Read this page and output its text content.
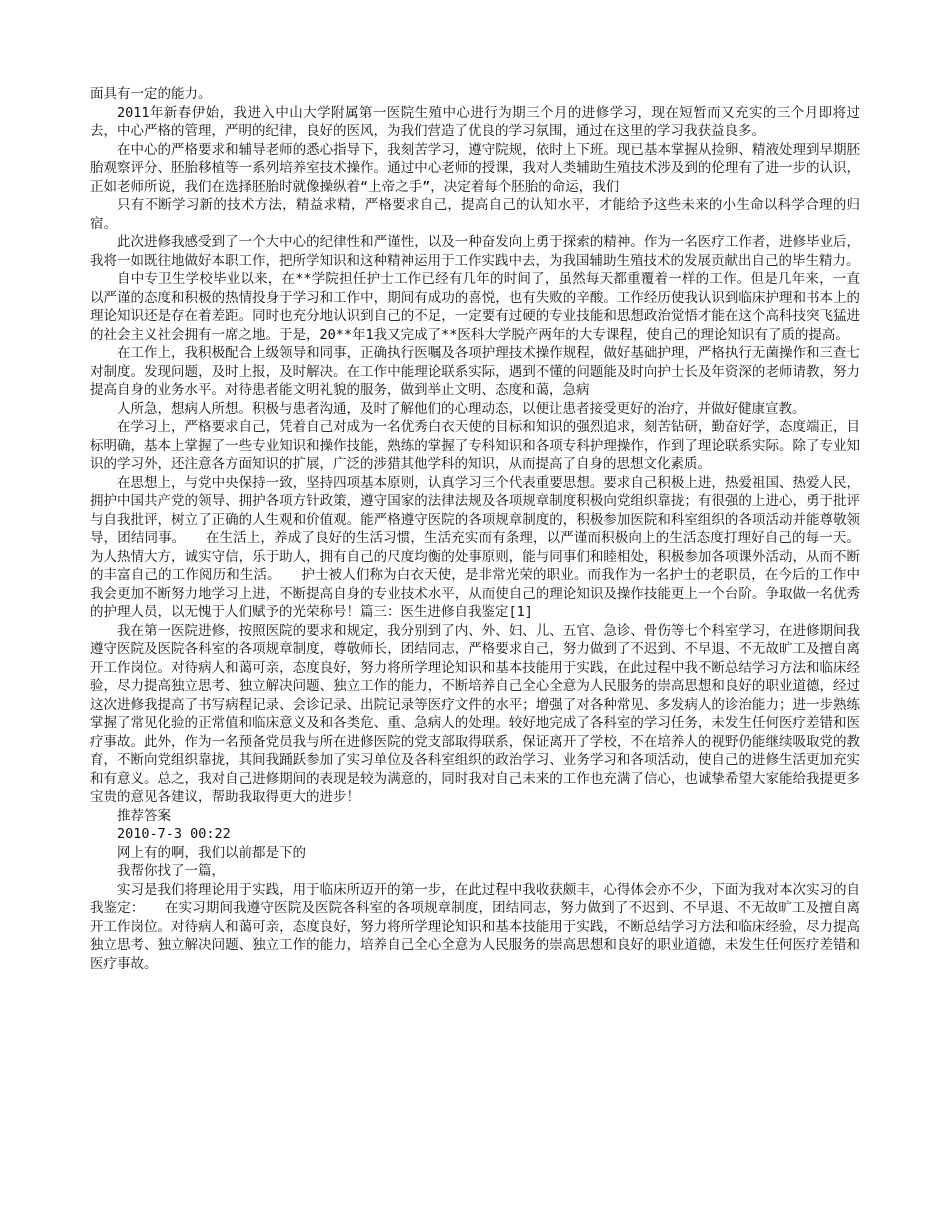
面具有一定的能力。

2011年新春伊始，我进入中山大学附属第一医院生殖中心进行为期三个月的进修学习，现在短暂而又充实的三个月即将过去，中心严格的管理，严明的纪律，良好的医风，为我们营造了优良的学习氛围，通过在这里的学习我获益良多。

在中心的严格要求和辅导老师的悉心指导下，我刻苦学习，遵守院规，依时上下班。现已基本掌握从捡卵、精液处理到早期胚胎观察评分、胚胎移植等一系列培养室技术操作。通过中心老师的授课，我对人类辅助生殖技术涉及到的伦理有了进一步的认识，正如老师所说，我们在选择胚胎时就像操纵着“上帝之手”，决定着每个胚胎的命运，我们

只有不断学习新的技术方法，精益求精，严格要求自己，提高自己的认知水平，才能给予这些未来的小生命以科学合理的归宿。

此次进修我感受到了一个大中心的纪律性和严谨性，以及一种奋发向上勇于探索的精神。作为一名医疗工作者，进修毕业后，我将一如既往地做好本职工作，把所学知识和这种精神运用于工作实践中去，为我国辅助生殖技术的发展贡献出自己的毕生精力。

自中专卫生学校毕业以来，在**学院担任护士工作已经有几年的时间了，虽然每天都重覆着一样的工作。但是几年来，一直以严谨的态度和积极的热情投身于学习和工作中，期间有成功的喜悦，也有失败的辛酸。工作经历使我认识到临床护理和书本上的理论知识还是存在着差距。同时也充分地认识到自己的不足，一定要有过硬的专业技能和思想政治觉悟才能在这个高科技突飞猛进的社会主义社会拥有一席之地。于是，20**年1我又完成了**医科大学脱产两年的大专课程，使自己的理论知识有了质的提高。

在工作上，我积极配合上级领导和同事，正确执行医嘱及各项护理技术操作规程，做好基础护理，严格执行无菌操作和三查七对制度。发现问题，及时上报，及时解决。在工作中能理论联系实际，遇到不懂的问题能及时向护士长及年资深的老师请教，努力提高自身的业务水平。对待患者能文明礼貌的服务，做到举止文明、态度和蔼，急病

人所急，想病人所想。积极与患者沟通，及时了解他们的心理动态，以便让患者接受更好的治疗，并做好健康宣教。

在学习上，严格要求自己，凭着自己对成为一名优秀白衣天使的目标和知识的强烈追求，刻苦钻研，勤奋好学，态度端正，目标明确，基本上掌握了一些专业知识和操作技能，熟练的掌握了专科知识和各项专科护理操作，作到了理论联系实际。除了专业知识的学习外，还注意各方面知识的扩展，广泛的涉猎其他学科的知识，从而提高了自身的思想文化素质。

在思想上，与党中央保持一致，坚持四项基本原则，认真学习三个代表重要思想。要求自己积极上进，热爱祖国、热爱人民，拥护中国共产党的领导、拥护各项方针政策，遵守国家的法律法规及各项规章制度积极向党组织靠拢；有很强的上进心，勇于批评与自我批评，树立了正确的人生观和价值观。能严格遵守医院的各项规章制度的，积极参加医院和科室组织的各项活动并能尊敬领导，团结同事。　　在生活上，养成了良好的生活习惯，生活充实而有条理，以严谨而积极向上的生活态度打理好自己的每一天。为人热情大方，诚实守信，乐于助人，拥有自己的尺度均衡的处事原则，能与同事们和睦相处，积极参加各项课外活动，从而不断的丰富自己的工作阅历和生活。　　护士被人们称为白衣天使，是非常光荣的职业。而我作为一名护士的老职员，在今后的工作中我会更加不断努力地学习上进，不断提高自身的专业技术水平，从而使自己的理论知识及操作技能更上一个台阶。争取做一名优秀的护理人员，以无愧于人们赋予的光荣称号！篇三：医生进修自我鉴定[1]

我在第一医院进修，按照医院的要求和规定，我分别到了内、外、妇、儿、五官、急诊、骨伤等七个科室学习，在进修期间我遵守医院及医院各科室的各项规章制度，尊敬师长，团结同志，严格要求自己，努力做到了不迟到、不早退、不无故旷工及擅自离开工作岗位。对待病人和蔼可亲，态度良好，努力将所学理论知识和基本技能用于实践，在此过程中我不断总结学习方法和临床经验，尽力提高独立思考、独立解决问题、独立工作的能力，不断培养自己全心全意为人民服务的崇高思想和良好的职业道德，经过这次进修我提高了书写病程记录、会诊记录、出院记录等医疗文件的水平；增强了对各种常见、多发病人的诊治能力；进一步熟练掌握了常见化验的正常值和临床意义及和各类危、重、急病人的处理。较好地完成了各科室的学习任务，未发生任何医疗差错和医疗事故。此外，作为一名预备党员我与所在进修医院的党支部取得联系，保证离开了学校，不在培养人的视野仍能继续吸取党的教育，不断向党组织靠拢，其间我踊跃参加了实习单位及各科室组织的政治学习、业务学习和各项活动，使自己的进修生活更加充实和有意义。总之，我对自己进修期间的表现是较为满意的，同时我对自己未来的工作也充满了信心，也诚挚希望大家能给我提更多宝贵的意见各建议，帮助我取得更大的进步！

推荐答案

2010-7-3 00:22

网上有的啊，我们以前都是下的

我帮你找了一篇，

实习是我们将理论用于实践，用于临床所迈开的第一步，在此过程中我收获颇丰，心得体会亦不少，下面为我对本次实习的自我鉴定：　　在实习期间我遵守医院及医院各科室的各项规章制度，团结同志，努力做到了不迟到、不早退、不无故旷工及擅自离开工作岗位。对待病人和蔼可亲，态度良好，努力将所学理论知识和基本技能用于实践，不断总结学习方法和临床经验，尽力提高独立思考、独立解决问题、独立工作的能力，培养自己全心全意为人民服务的崇高思想和良好的职业道德，未发生任何医疗差错和医疗事故。
